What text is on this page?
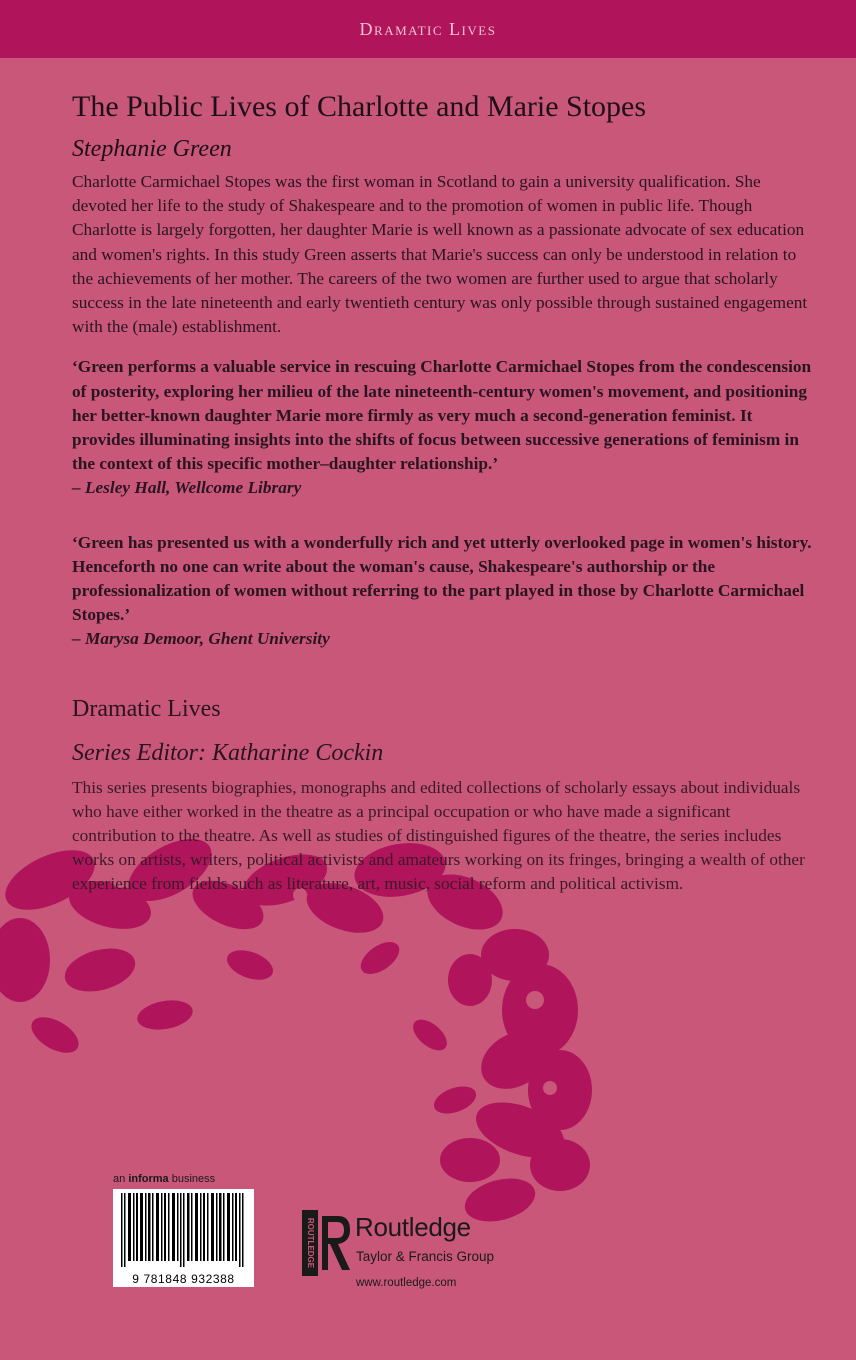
Dramatic Lives
The Public Lives of Charlotte and Marie Stopes
Stephanie Green

Charlotte Carmichael Stopes was the first woman in Scotland to gain a university qualification. She devoted her life to the study of Shakespeare and to the promotion of women in public life. Though Charlotte is largely forgotten, her daughter Marie is well known as a passionate advocate of sex education and women's rights. In this study Green asserts that Marie's success can only be understood in relation to the achievements of her mother. The careers of the two women are further used to argue that scholarly success in the late nineteenth and early twentieth century was only possible through sustained engagement with the (male) establishment.

‘Green performs a valuable service in rescuing Charlotte Carmichael Stopes from the condescension of posterity, exploring her milieu of the late nineteenth-century women's movement, and positioning her better-known daughter Marie more firmly as very much a second-generation feminist. It provides illuminating insights into the shifts of focus between successive generations of feminism in the context of this specific mother–daughter relationship.’

– Lesley Hall, Wellcome Library

‘Green has presented us with a wonderfully rich and yet utterly overlooked page in women's history. Henceforth no one can write about the woman's cause, Shakespeare's authorship or the professionalization of women without referring to the part played in those by Charlotte Carmichael Stopes.’

– Marysa Demoor, Ghent University

Dramatic Lives
Series Editor: Katharine Cockin

This series presents biographies, monographs and edited collections of scholarly essays about individuals who have either worked in the theatre as a principal occupation or who have made a significant contribution to the theatre. As well as studies of distinguished figures of the theatre, the series includes works on artists, writers, political activists and amateurs working on its fringes, bringing a wealth of other experience from fields such as literature, art, music, social reform and political activism.

an informa business
9 781848 932388
ROUTLEDGE Routledge
Taylor & Francis Group
www.routledge.com
